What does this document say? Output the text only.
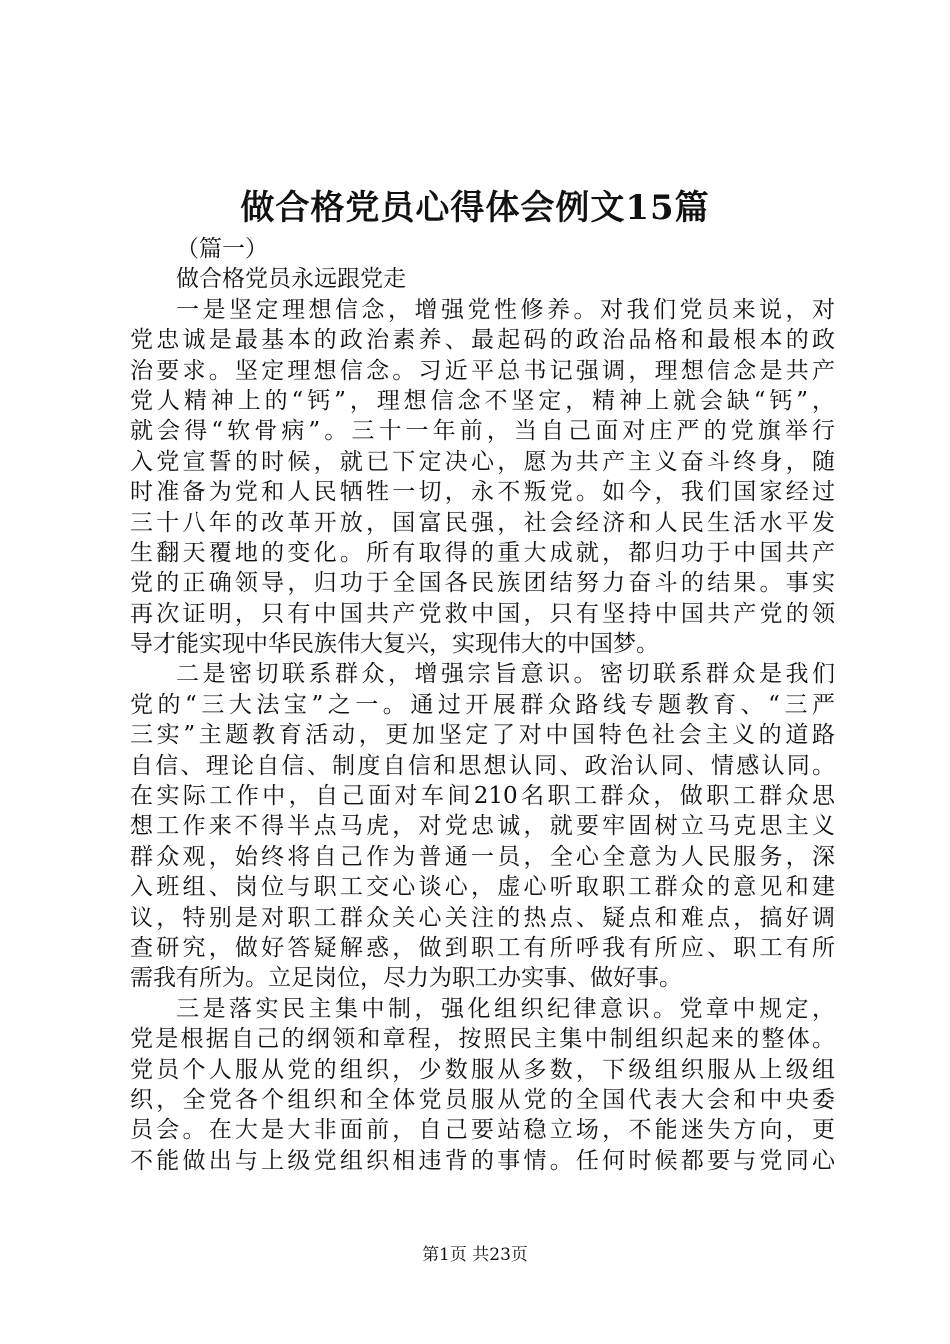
做合格党员心得体会例文15篇
（篇一）
做合格党员永远跟党走
一是坚定理想信念，增强党性修养。对我们党员来说，对
党忠诚是最基本的政治素养、最起码的政治品格和最根本的政
治要求。坚定理想信念。习近平总书记强调，理想信念是共产
党人精神上的“钙”，理想信念不坚定，精神上就会缺“钙”，
就会得“软骨病”。三十一年前，当自己面对庄严的党旗举行
入党宣誓的时候，就已下定决心，愿为共产主义奋斗终身，随
时准备为党和人民牺牲一切，永不叛党。如今，我们国家经过
三十八年的改革开放，国富民强，社会经济和人民生活水平发
生翻天覆地的变化。所有取得的重大成就，都归功于中国共产
党的正确领导，归功于全国各民族团结努力奋斗的结果。事实
再次证明，只有中国共产党救中国，只有坚持中国共产党的领
导才能实现中华民族伟大复兴，实现伟大的中国梦。
二是密切联系群众，增强宗旨意识。密切联系群众是我们
党的“三大法宝”之一。通过开展群众路线专题教育、“三严
三实”主题教育活动，更加坚定了对中国特色社会主义的道路
自信、理论自信、制度自信和思想认同、政治认同、情感认同。
在实际工作中，自己面对车间210名职工群众，做职工群众思
想工作来不得半点马虎，对党忠诚，就要牢固树立马克思主义
群众观，始终将自己作为普通一员，全心全意为人民服务，深
入班组、岗位与职工交心谈心，虚心听取职工群众的意见和建
议，特别是对职工群众关心关注的热点、疑点和难点，搞好调
查研究，做好答疑解惑，做到职工有所呼我有所应、职工有所
需我有所为。立足岗位，尽力为职工办实事、做好事。
三是落实民主集中制，强化组织纪律意识。党章中规定，
党是根据自己的纲领和章程，按照民主集中制组织起来的整体。
党员个人服从党的组织，少数服从多数，下级组织服从上级组
织，全党各个组织和全体党员服从党的全国代表大会和中央委
员会。在大是大非面前，自己要站稳立场，不能迷失方向，更
不能做出与上级党组织相违背的事情。任何时候都要与党同心
第1页 共23页
